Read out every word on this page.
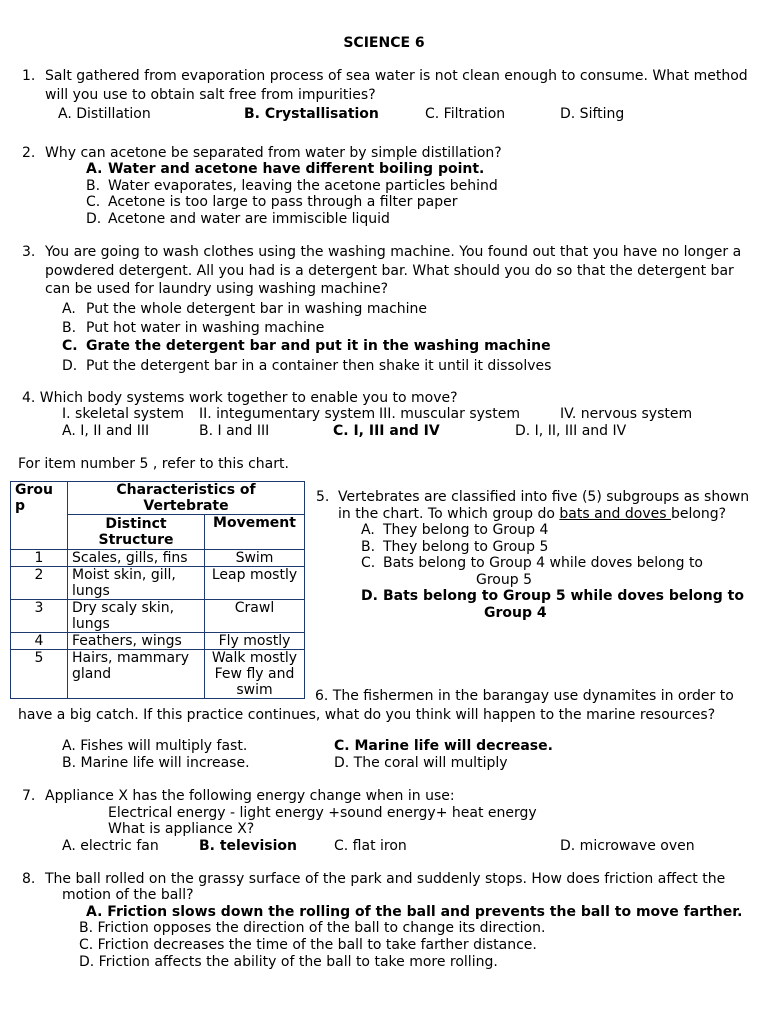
SCIENCE 6
1. Salt gathered from evaporation process of sea water is not clean enough to consume. What method
will you use to obtain salt free from impurities?
A. Distillation	B. Crystallisation	C. Filtration	D. Sifting
2. Why can acetone be separated from water by simple distillation?
A. Water and acetone have different boiling point.
B. Water evaporates, leaving the acetone particles behind
C. Acetone is too large to pass through a filter paper
D. Acetone and water are immiscible liquid
3. You are going to wash clothes using the washing machine. You found out that you have no longer a
powdered detergent. All you had is a detergent bar. What should you do so that the detergent bar
can be used for laundry using washing machine?
A. Put the whole detergent bar in washing machine
B. Put hot water in washing machine
C. Grate the detergent bar and put it in the washing machine
D. Put the detergent bar in a container then shake it until it dissolves
4. Which body systems work together to enable you to move?
I. skeletal system II. integumentary system III. muscular system	IV. nervous system
A. I, II and III	B. I and III	C. I, III and IV	D. I, II, III and IV
For item number 5 , refer to this chart.
Grou p	Characteristics of Vertebrate	
	Distinct Structure	Movement
1	Scales, gills, fins	Swim
2	Moist skin, gill, lungs	Leap mostly
3	Dry scaly skin, lungs	Crawl
4	Feathers, wings	Fly mostly
5	Hairs, mammary gland	Walk mostly Few fly and swim
5. Vertebrates are classified into five (5) subgroups as shown
in the chart. To which group do bats and doves belong?
A. They belong to Group 4
B. They belong to Group 5
C. Bats belong to Group 4 while doves belong to
Group 5
D. Bats belong to Group 5 while doves belong to
Group 4
6. The fishermen in the barangay use dynamites in order to
have a big catch. If this practice continues, what do you think will happen to the marine resources?
A. Fishes will multiply fast.	C. Marine life will decrease.
B. Marine life will increase.	D. The coral will multiply
7. Appliance X has the following energy change when in use:
Electrical energy - light energy +sound energy+ heat energy
What is appliance X?
A. electric fan	B. television	C. flat iron	D. microwave oven
8. The ball rolled on the grassy surface of the park and suddenly stops. How does friction affect the
motion of the ball?
A. Friction slows down the rolling of the ball and prevents the ball to move farther.
B. Friction opposes the direction of the ball to change its direction.
C. Friction decreases the time of the ball to take farther distance.
D. Friction affects the ability of the ball to take more rolling.
